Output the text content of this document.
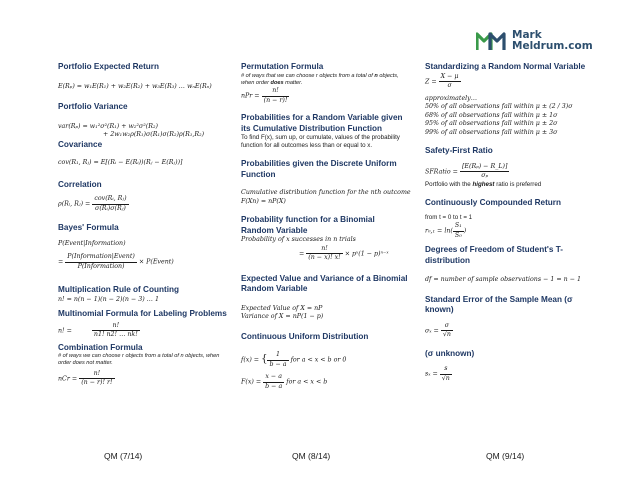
Mark
Meldrum.com
Portfolio Expected Return
E(Rₚ) = w₁E(R₁) + w₂E(R₂) + w₃E(R₃) … wₙE(Rₙ)
Portfolio Variance
var(Rₚ) = w₁²σ²(R₁) + w₂²σ²(R₂)
+ 2w₁w₂ρ(R₁)σ(R₁)σ(R₂)ρ(R₁,R₂)
Covariance
cov(R₁, Rⱼ) = E[(Rᵢ − E(Rᵢ))(Rⱼ − E(Rⱼ))]
Correlation
ρ(Rᵢ, Rⱼ) = $\frac{\text{cov(Rᵢ, Rⱼ)}}{\text{σ(Rᵢ)σ(Rⱼ)}}$
Bayes' Formula
P(Event|Information)
= $\frac{\text{P(Information|Event)}}{\text{P(Information)}}$ × P(Event)
Multiplication Rule of Counting
n! = n(n − 1)(n − 2)(n − 3) … 1
Multinomial Formula for Labeling Problems
n! =	$\frac{n!}{n1! n2! \dots nk!}$
Combination Formula
# of ways we can choose r objects from a total of n objects, when order does not matter.
nCr = $\frac{n!}{(n - r)! r!}$
Permutation Formula
# of ways that we can choose r objects from a total of n objects, when order does matter.
nPr = $\frac{n!}{(n - r)!}$
Probabilities for a Random Variable given its Cumulative Distribution Function
To find F(x), sum up, or cumulate, values of the probability function for all outcomes less than or equal to x.
Probabilities given the Discrete Uniform Function
Cumulative distribution function for the nth outcome
F(Xn) = nP(X)
Probability function for a Binomial Random Variable
Probability of x successes in n trials
= $\frac{n!}{(n - x)! x!}$ × pˣ(1 − p)ⁿ⁻ˣ
Expected Value and Variance of a Binomial Random Variable
Expected Value of X = nP
Variance of X = nP(1 − p)
Continuous Uniform Distribution
f(x) = { $\frac{1}{b - a}$ for a < x < b or 0
$F(x) = \frac{x - a}{b - a}$ for a < x < b
Standardizing a Random Normal Variable
$Z = \frac{X - \mu}{\sigma}$
approximately…
50% of all observations fall within μ ± (2 / 3)σ
68% of all observations fall within μ ± 1σ
95% of all observations fall within μ ± 2σ
99% of all observations fall within μ ± 3σ
Safety-First Ratio
SFRatio = $\frac{\text{[E(Rₚ) − R\_L)]}}{\text{σₚ}}$
Portfolio with the highest ratio is preferred
Continuously Compounded Return
from t = 0 to t = 1
$r_0,_1 = \ln( \frac{\text{S₁}}{\text{S₀}}$ )
Degrees of Freedom of Student's T-distribution
df = number of sample observations − 1 = n − 1
Standard Error of the Sample Mean (σ known)
$\sigma_x = \frac{\sigma}{√n}$
(σ unknown)
$s_x = \frac{s}{√n}$
QM (7/14)	QM (8/14)	QM (9/14)
